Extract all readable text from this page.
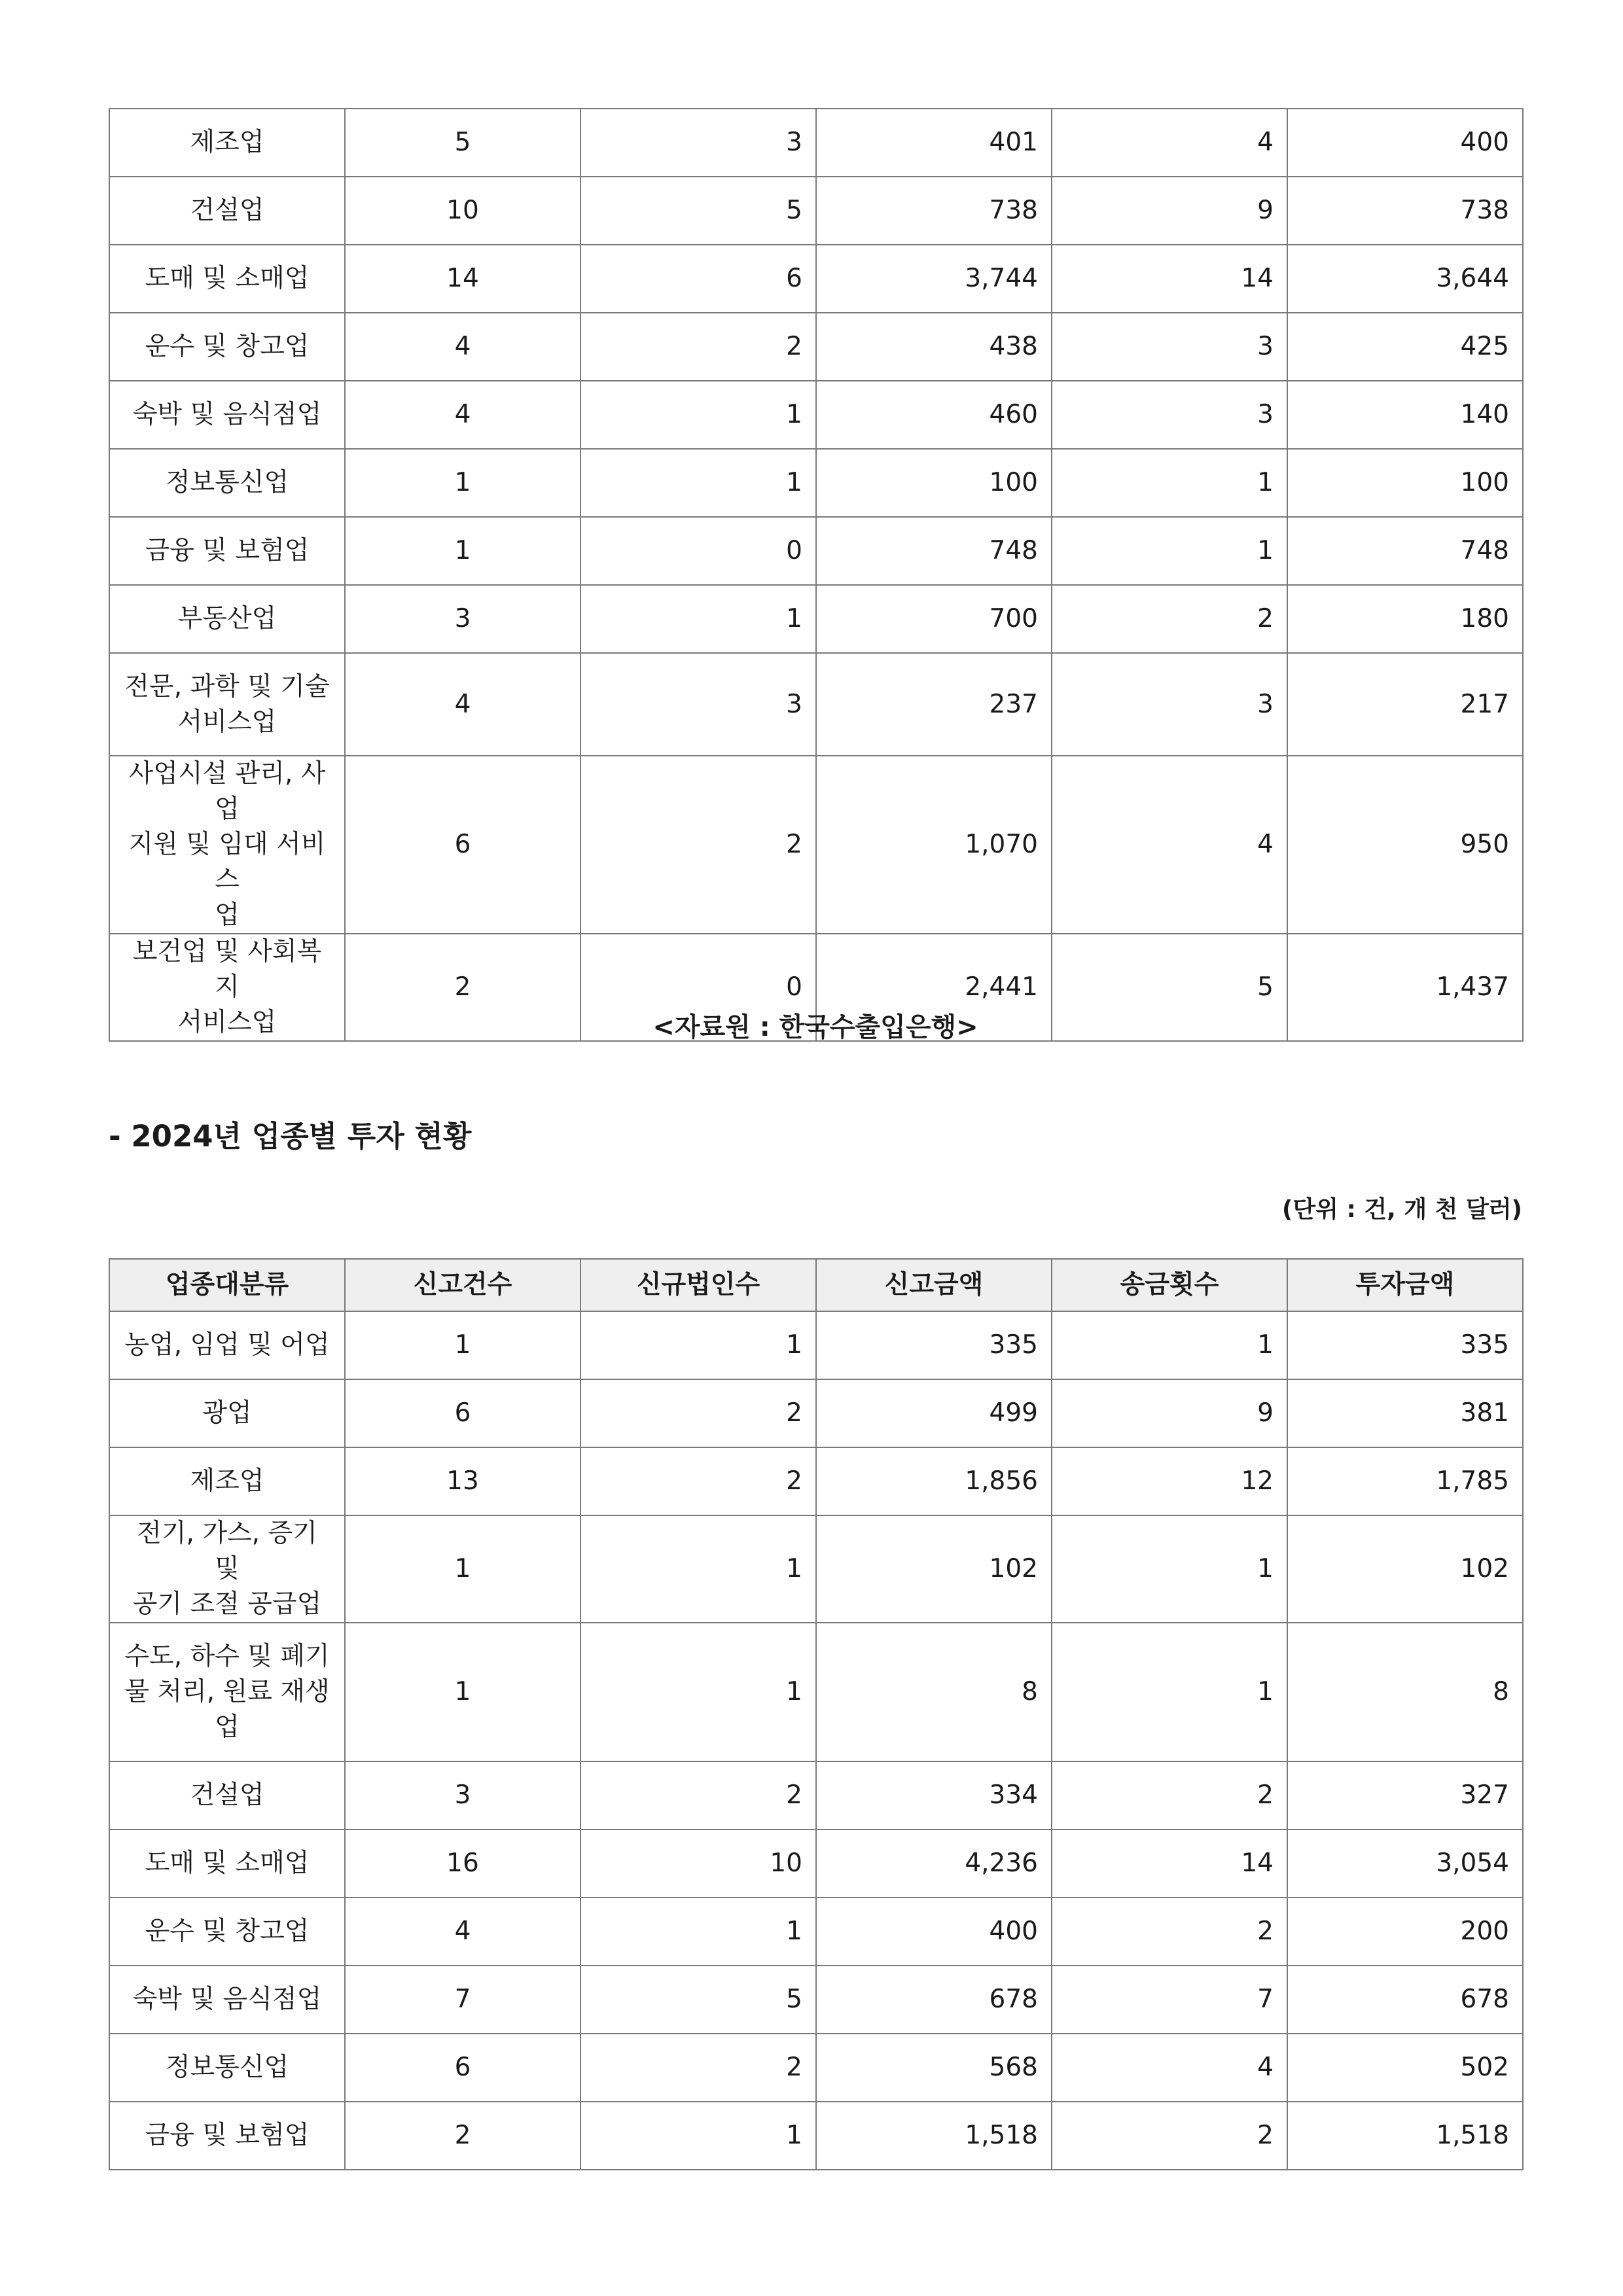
제조업	5	3	401	4	400
건설업	10	5	738	9	738
도매 및 소매업	14	6	3,744	14	3,644
운수 및 창고업	4	2	438	3	425
숙박 및 음식점업	4	1	460	3	140
정보통신업	1	1	100	1	100
금융 및 보험업	1	0	748	1	748
부동산업	3	1	700	2	180
전문, 과학 및 기술
서비스업	4	3	237	3	217
사업시설 관리, 사업
지원 및 임대 서비스
업	6	2	1,070	4	950
보건업 및 사회복지
서비스업	2	0	2,441	5	1,437
<자료원 : 한국수출입은행>
- 2024년 업종별 투자 현황
(단위 : 건, 개 천 달러)
업종대분류	신고건수	신규법인수	신고금액	송금횟수	투자금액
농업, 임업 및 어업	1	1	335	1	335
광업	6	2	499	9	381
제조업	13	2	1,856	12	1,785
전기, 가스, 증기 및
공기 조절 공급업	1	1	102	1	102
수도, 하수 및 폐기
물 처리, 원료 재생
업	1	1	8	1	8
건설업	3	2	334	2	327
도매 및 소매업	16	10	4,236	14	3,054
운수 및 창고업	4	1	400	2	200
숙박 및 음식점업	7	5	678	7	678
정보통신업	6	2	568	4	502
금융 및 보험업	2	1	1,518	2	1,518
